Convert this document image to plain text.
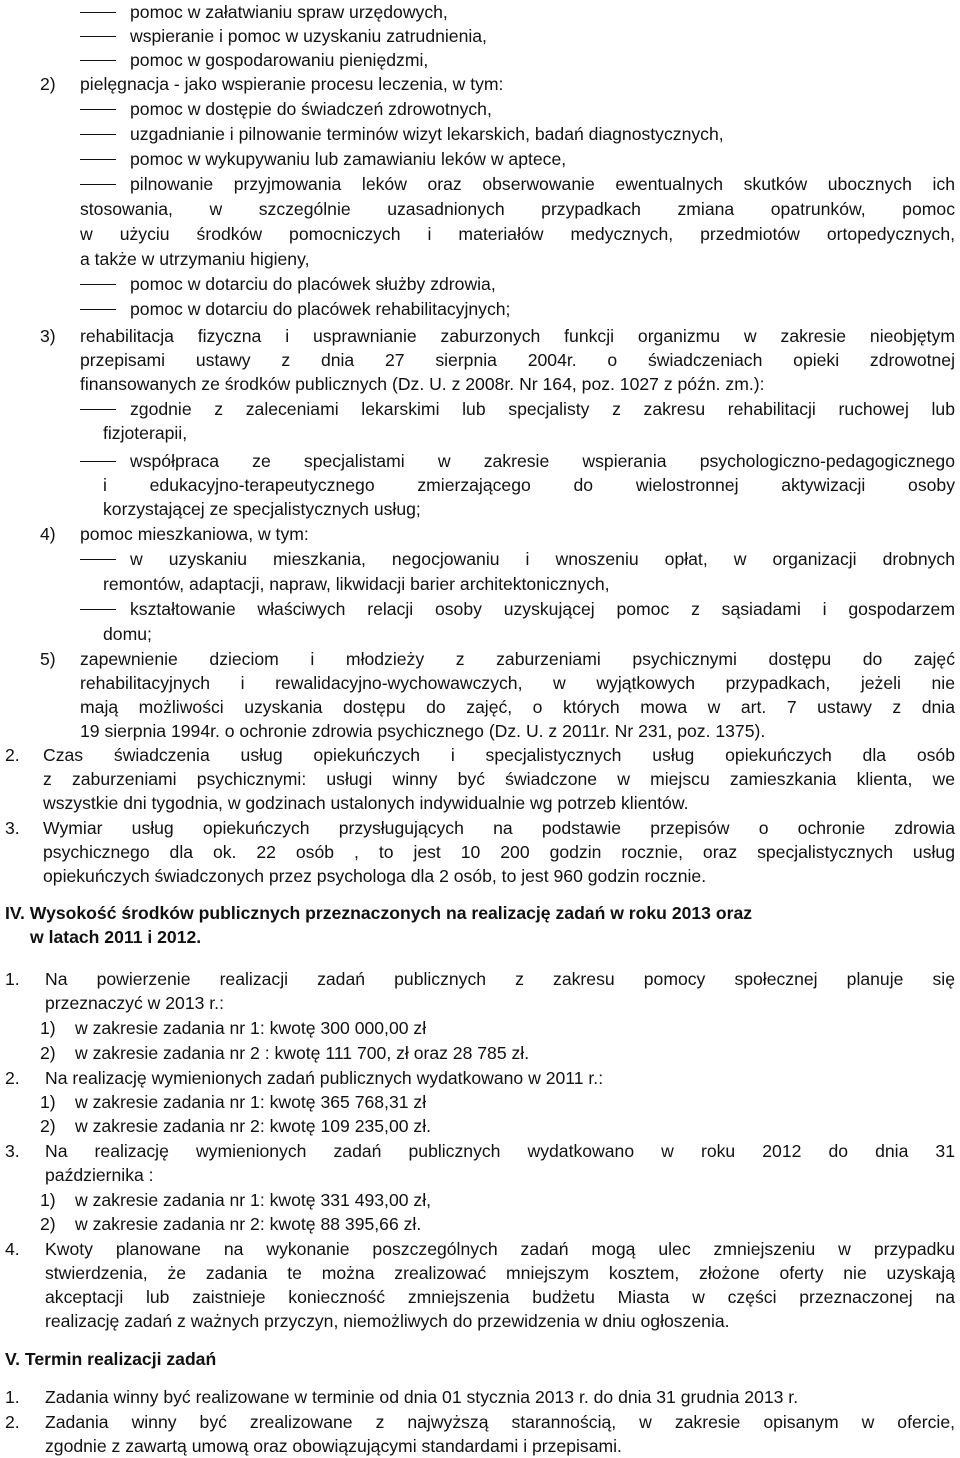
pomoc w załatwianiu spraw urzędowych,
wspieranie i pomoc w uzyskaniu zatrudnienia,
pomoc w gospodarowaniu pieniędzmi,
2) pielęgnacja - jako wspieranie procesu leczenia, w tym:
pomoc w dostępie do świadczeń zdrowotnych,
uzgadnianie i pilnowanie terminów wizyt lekarskich, badań diagnostycznych,
pomoc w wykupywaniu lub zamawianiu leków w aptece,
pilnowanie przyjmowania leków oraz obserwowanie ewentualnych skutków ubocznych ich
stosowania, w szczególnie uzasadnionych przypadkach zmiana opatrunków, pomoc
w użyciu środków pomocniczych i materiałów medycznych, przedmiotów ortopedycznych,
a także w utrzymaniu higieny,
pomoc w dotarciu do placówek służby zdrowia,
pomoc w dotarciu do placówek rehabilitacyjnych;
3) rehabilitacja fizyczna i usprawnianie zaburzonych funkcji organizmu w zakresie nieobjętym
przepisami ustawy z dnia 27 sierpnia 2004r. o świadczeniach opieki zdrowotnej
finansowanych ze środków publicznych (Dz. U. z 2008r. Nr 164, poz. 1027 z późn. zm.):
zgodnie z zaleceniami lekarskimi lub specjalisty z zakresu rehabilitacji ruchowej lub
fizjoterapii,
współpraca ze specjalistami w zakresie wspierania psychologiczno-pedagogicznego
i edukacyjno-terapeutycznego zmierzającego do wielostronnej aktywizacji osoby
korzystającej ze specjalistycznych usług;
4) pomoc mieszkaniowa, w tym:
w uzyskaniu mieszkania, negocjowaniu i wnoszeniu opłat, w organizacji drobnych
remontów, adaptacji, napraw, likwidacji barier architektonicznych,
kształtowanie właściwych relacji osoby uzyskującej pomoc z sąsiadami i gospodarzem
domu;
5) zapewnienie dzieciom i młodzieży z zaburzeniami psychicznymi dostępu do zajęć
rehabilitacyjnych i rewalidacyjno-wychowawczych, w wyjątkowych przypadkach, jeżeli nie
mają możliwości uzyskania dostępu do zajęć, o których mowa w art. 7 ustawy z dnia
19 sierpnia 1994r. o ochronie zdrowia psychicznego (Dz. U. z 2011r. Nr 231, poz. 1375).
2. Czas świadczenia usług opiekuńczych i specjalistycznych usług opiekuńczych dla osób
z zaburzeniami psychicznymi: usługi winny być świadczone w miejscu zamieszkania klienta, we
wszystkie dni tygodnia, w godzinach ustalonych indywidualnie wg potrzeb klientów.
3. Wymiar usług opiekuńczych przysługujących na podstawie przepisów o ochronie zdrowia
psychicznego dla ok. 22 osób , to jest 10 200 godzin rocznie, oraz specjalistycznych usług
opiekuńczych świadczonych przez psychologa dla 2 osób, to jest 960 godzin rocznie.
IV. Wysokość środków publicznych przeznaczonych na realizację zadań w roku 2013 oraz
w latach 2011 i 2012.
1. Na powierzenie realizacji zadań publicznych z zakresu pomocy społecznej planuje się
przeznaczyć w 2013 r.:
1) w zakresie zadania nr 1: kwotę 300 000,00 zł
2) w zakresie zadania nr 2 : kwotę 111 700, zł oraz 28 785 zł.
2. Na realizację wymienionych zadań publicznych wydatkowano w 2011 r.:
1) w zakresie zadania nr 1: kwotę 365 768,31 zł
2) w zakresie zadania nr 2: kwotę 109 235,00 zł.
3. Na realizację wymienionych zadań publicznych wydatkowano w roku 2012 do dnia 31
października :
1) w zakresie zadania nr 1: kwotę 331 493,00 zł,
2) w zakresie zadania nr 2: kwotę 88 395,66 zł.
4. Kwoty planowane na wykonanie poszczególnych zadań mogą ulec zmniejszeniu w przypadku
stwierdzenia, że zadania te można zrealizować mniejszym kosztem, złożone oferty nie uzyskają
akceptacji lub zaistnieje konieczność zmniejszenia budżetu Miasta w części przeznaczonej na
realizację zadań z ważnych przyczyn, niemożliwych do przewidzenia w dniu ogłoszenia.
V. Termin realizacji zadań
1. Zadania winny być realizowane w terminie od dnia 01 stycznia 2013 r. do dnia 31 grudnia 2013 r.
2. Zadania winny być zrealizowane z najwyższą starannością, w zakresie opisanym w ofercie,
zgodnie z zawartą umową oraz obowiązującymi standardami i przepisami.
